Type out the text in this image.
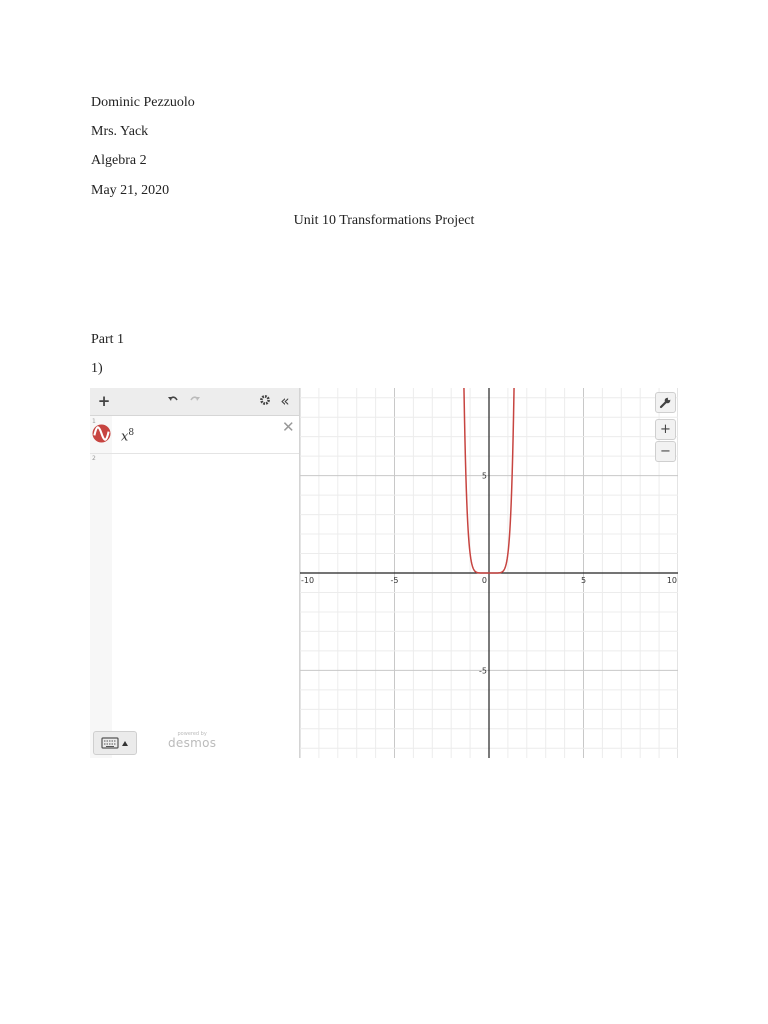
Dominic Pezzuolo
Mrs. Yack
Algebra 2
May 21, 2020
Unit 10 Transformations Project
Part 1
1)
+	«
1
$x^8$	✕
2
powered by
desmos
-10	-5	0	5	10
5
-5
+
−
